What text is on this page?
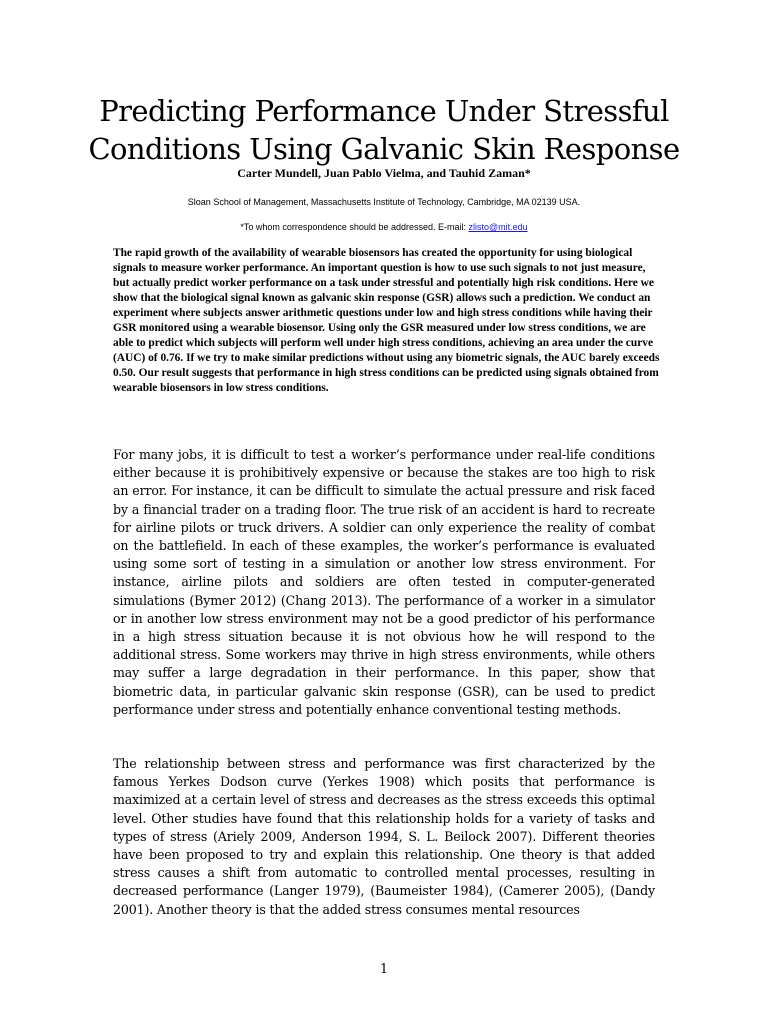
Predicting Performance Under Stressful Conditions Using Galvanic Skin Response
Carter Mundell, Juan Pablo Vielma, and Tauhid Zaman*
Sloan School of Management, Massachusetts Institute of Technology, Cambridge, MA 02139 USA.
*To whom correspondence should be addressed. E-mail: zlisto@mit.edu

The rapid growth of the availability of wearable biosensors has created the opportunity for using biological signals to measure worker performance. An important question is how to use such signals to not just measure, but actually predict worker performance on a task under stressful and potentially high risk conditions. Here we show that the biological signal known as galvanic skin response (GSR) allows such a prediction. We conduct an experiment where subjects answer arithmetic questions under low and high stress conditions while having their GSR monitored using a wearable biosensor. Using only the GSR measured under low stress conditions, we are able to predict which subjects will perform well under high stress conditions, achieving an area under the curve (AUC) of 0.76. If we try to make similar predictions without using any biometric signals, the AUC barely exceeds 0.50. Our result suggests that performance in high stress conditions can be predicted using signals obtained from wearable biosensors in low stress conditions.

For many jobs, it is difficult to test a worker’s performance under real-life conditions either because it is prohibitively expensive or because the stakes are too high to risk an error. For instance, it can be difficult to simulate the actual pressure and risk faced by a financial trader on a trading floor. The true risk of an accident is hard to recreate for airline pilots or truck drivers. A soldier can only experience the reality of combat on the battlefield. In each of these examples, the worker’s performance is evaluated using some sort of testing in a simulation or another low stress environment. For instance, airline pilots and soldiers are often tested in computer-generated simulations (Bymer 2012) (Chang 2013). The performance of a worker in a simulator or in another low stress environment may not be a good predictor of his performance in a high stress situation because it is not obvious how he will respond to the additional stress. Some workers may thrive in high stress environments, while others may suffer a large degradation in their performance. In this paper, show that biometric data, in particular galvanic skin response (GSR), can be used to predict performance under stress and potentially enhance conventional testing methods.

The relationship between stress and performance was first characterized by the famous Yerkes Dodson curve (Yerkes 1908) which posits that performance is maximized at a certain level of stress and decreases as the stress exceeds this optimal level. Other studies have found that this relationship holds for a variety of tasks and types of stress (Ariely 2009, Anderson 1994, S. L. Beilock 2007). Different theories have been proposed to try and explain this relationship. One theory is that added stress causes a shift from automatic to controlled mental processes, resulting in decreased performance (Langer 1979), (Baumeister 1984), (Camerer 2005), (Dandy 2001). Another theory is that the added stress consumes mental resources

1
